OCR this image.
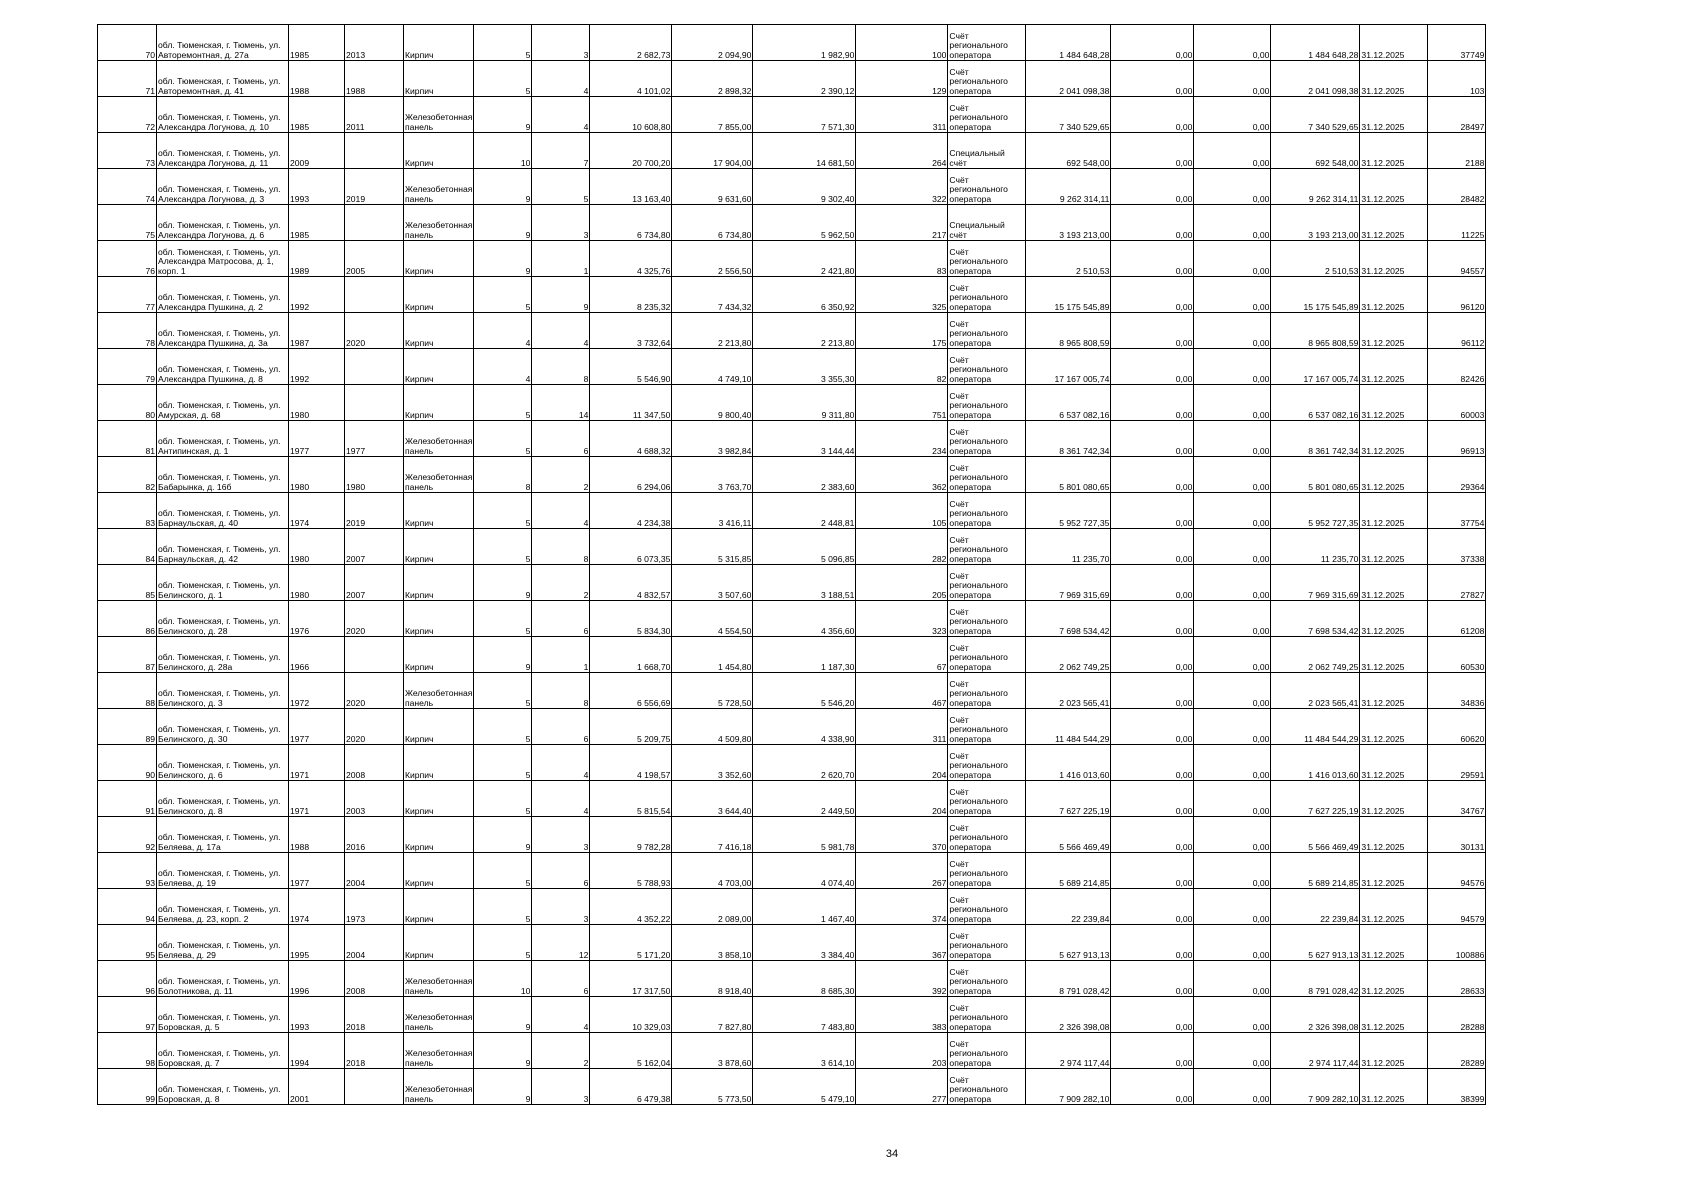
70	обл. Тюменская, г. Тюмень, ул. Авторемонтная, д. 27а	1985	2013	Кирпич	5	3	2 682,73	2 094,90	1 982,90	100	Счёт регионального оператора	1 484 648,28	0,00	0,00	1 484 648,28	31.12.2025	37749
71	обл. Тюменская, г. Тюмень, ул. Авторемонтная, д. 41	1988	1988	Кирпич	5	4	4 101,02	2 898,32	2 390,12	129	Счёт регионального оператора	2 041 098,38	0,00	0,00	2 041 098,38	31.12.2025	103
72	обл. Тюменская, г. Тюмень, ул. Александра Логунова, д. 10	1985	2011	Железобетонная панель	9	4	10 608,80	7 855,00	7 571,30	311	Счёт регионального оператора	7 340 529,65	0,00	0,00	7 340 529,65	31.12.2025	28497
73	обл. Тюменская, г. Тюмень, ул. Александра Логунова, д. 11	2009		Кирпич	10	7	20 700,20	17 904,00	14 681,50	264	Специальный счёт	692 548,00	0,00	0,00	692 548,00	31.12.2025	2188
74	обл. Тюменская, г. Тюмень, ул. Александра Логунова, д. 3	1993	2019	Железобетонная панель	9	5	13 163,40	9 631,60	9 302,40	322	Счёт регионального оператора	9 262 314,11	0,00	0,00	9 262 314,11	31.12.2025	28482
75	обл. Тюменская, г. Тюмень, ул. Александра Логунова, д. 6	1985		Железобетонная панель	9	3	6 734,80	6 734,80	5 962,50	217	Специальный счёт	3 193 213,00	0,00	0,00	3 193 213,00	31.12.2025	11225
76	обл. Тюменская, г. Тюмень, ул. Александра Матросова, д. 1, корп. 1	1989	2005	Кирпич	9	1	4 325,76	2 556,50	2 421,80	83	Счёт регионального оператора	2 510,53	0,00	0,00	2 510,53	31.12.2025	94557
77	обл. Тюменская, г. Тюмень, ул. Александра Пушкина, д. 2	1992		Кирпич	5	9	8 235,32	7 434,32	6 350,92	325	Счёт регионального оператора	15 175 545,89	0,00	0,00	15 175 545,89	31.12.2025	96120
78	обл. Тюменская, г. Тюмень, ул. Александра Пушкина, д. 3а	1987	2020	Кирпич	4	4	3 732,64	2 213,80	2 213,80	175	Счёт регионального оператора	8 965 808,59	0,00	0,00	8 965 808,59	31.12.2025	96112
79	обл. Тюменская, г. Тюмень, ул. Александра Пушкина, д. 8	1992		Кирпич	4	8	5 546,90	4 749,10	3 355,30	82	Счёт регионального оператора	17 167 005,74	0,00	0,00	17 167 005,74	31.12.2025	82426
80	обл. Тюменская, г. Тюмень, ул. Амурская, д. 68	1980		Кирпич	5	14	11 347,50	9 800,40	9 311,80	751	Счёт регионального оператора	6 537 082,16	0,00	0,00	6 537 082,16	31.12.2025	60003
81	обл. Тюменская, г. Тюмень, ул. Антипинская, д. 1	1977	1977	Железобетонная панель	5	6	4 688,32	3 982,84	3 144,44	234	Счёт регионального оператора	8 361 742,34	0,00	0,00	8 361 742,34	31.12.2025	96913
82	обл. Тюменская, г. Тюмень, ул. Бабарынка, д. 16б	1980	1980	Железобетонная панель	8	2	6 294,06	3 763,70	2 383,60	362	Счёт регионального оператора	5 801 080,65	0,00	0,00	5 801 080,65	31.12.2025	29364
83	обл. Тюменская, г. Тюмень, ул. Барнаульская, д. 40	1974	2019	Кирпич	5	4	4 234,38	3 416,11	2 448,81	105	Счёт регионального оператора	5 952 727,35	0,00	0,00	5 952 727,35	31.12.2025	37754
84	обл. Тюменская, г. Тюмень, ул. Барнаульская, д. 42	1980	2007	Кирпич	5	8	6 073,35	5 315,85	5 096,85	282	Счёт регионального оператора	11 235,70	0,00	0,00	11 235,70	31.12.2025	37338
85	обл. Тюменская, г. Тюмень, ул. Белинского, д. 1	1980	2007	Кирпич	9	2	4 832,57	3 507,60	3 188,51	205	Счёт регионального оператора	7 969 315,69	0,00	0,00	7 969 315,69	31.12.2025	27827
86	обл. Тюменская, г. Тюмень, ул. Белинского, д. 28	1976	2020	Кирпич	5	6	5 834,30	4 554,50	4 356,60	323	Счёт регионального оператора	7 698 534,42	0,00	0,00	7 698 534,42	31.12.2025	61208
87	обл. Тюменская, г. Тюмень, ул. Белинского, д. 28а	1966		Кирпич	9	1	1 668,70	1 454,80	1 187,30	67	Счёт регионального оператора	2 062 749,25	0,00	0,00	2 062 749,25	31.12.2025	60530
88	обл. Тюменская, г. Тюмень, ул. Белинского, д. 3	1972	2020	Железобетонная панель	5	8	6 556,69	5 728,50	5 546,20	467	Счёт регионального оператора	2 023 565,41	0,00	0,00	2 023 565,41	31.12.2025	34836
89	обл. Тюменская, г. Тюмень, ул. Белинского, д. 30	1977	2020	Кирпич	5	6	5 209,75	4 509,80	4 338,90	311	Счёт регионального оператора	11 484 544,29	0,00	0,00	11 484 544,29	31.12.2025	60620
90	обл. Тюменская, г. Тюмень, ул. Белинского, д. 6	1971	2008	Кирпич	5	4	4 198,57	3 352,60	2 620,70	204	Счёт регионального оператора	1 416 013,60	0,00	0,00	1 416 013,60	31.12.2025	29591
91	обл. Тюменская, г. Тюмень, ул. Белинского, д. 8	1971	2003	Кирпич	5	4	5 815,54	3 644,40	2 449,50	204	Счёт регионального оператора	7 627 225,19	0,00	0,00	7 627 225,19	31.12.2025	34767
92	обл. Тюменская, г. Тюмень, ул. Беляева, д. 17а	1988	2016	Кирпич	9	3	9 782,28	7 416,18	5 981,78	370	Счёт регионального оператора	5 566 469,49	0,00	0,00	5 566 469,49	31.12.2025	30131
93	обл. Тюменская, г. Тюмень, ул. Беляева, д. 19	1977	2004	Кирпич	5	6	5 788,93	4 703,00	4 074,40	267	Счёт регионального оператора	5 689 214,85	0,00	0,00	5 689 214,85	31.12.2025	94576
94	обл. Тюменская, г. Тюмень, ул. Беляева, д. 23, корп. 2	1974	1973	Кирпич	5	3	4 352,22	2 089,00	1 467,40	374	Счёт регионального оператора	22 239,84	0,00	0,00	22 239,84	31.12.2025	94579
95	обл. Тюменская, г. Тюмень, ул. Беляева, д. 29	1995	2004	Кирпич	5	12	5 171,20	3 858,10	3 384,40	367	Счёт регионального оператора	5 627 913,13	0,00	0,00	5 627 913,13	31.12.2025	100886
96	обл. Тюменская, г. Тюмень, ул. Болотникова, д. 11	1996	2008	Железобетонная панель	10	6	17 317,50	8 918,40	8 685,30	392	Счёт регионального оператора	8 791 028,42	0,00	0,00	8 791 028,42	31.12.2025	28633
97	обл. Тюменская, г. Тюмень, ул. Боровская, д. 5	1993	2018	Железобетонная панель	9	4	10 329,03	7 827,80	7 483,80	383	Счёт регионального оператора	2 326 398,08	0,00	0,00	2 326 398,08	31.12.2025	28288
98	обл. Тюменская, г. Тюмень, ул. Боровская, д. 7	1994	2018	Железобетонная панель	9	2	5 162,04	3 878,60	3 614,10	203	Счёт регионального оператора	2 974 117,44	0,00	0,00	2 974 117,44	31.12.2025	28289
99	обл. Тюменская, г. Тюмень, ул. Боровская, д. 8	2001		Железобетонная панель	9	3	6 479,38	5 773,50	5 479,10	277	Счёт регионального оператора	7 909 282,10	0,00	0,00	7 909 282,10	31.12.2025	38399
34
